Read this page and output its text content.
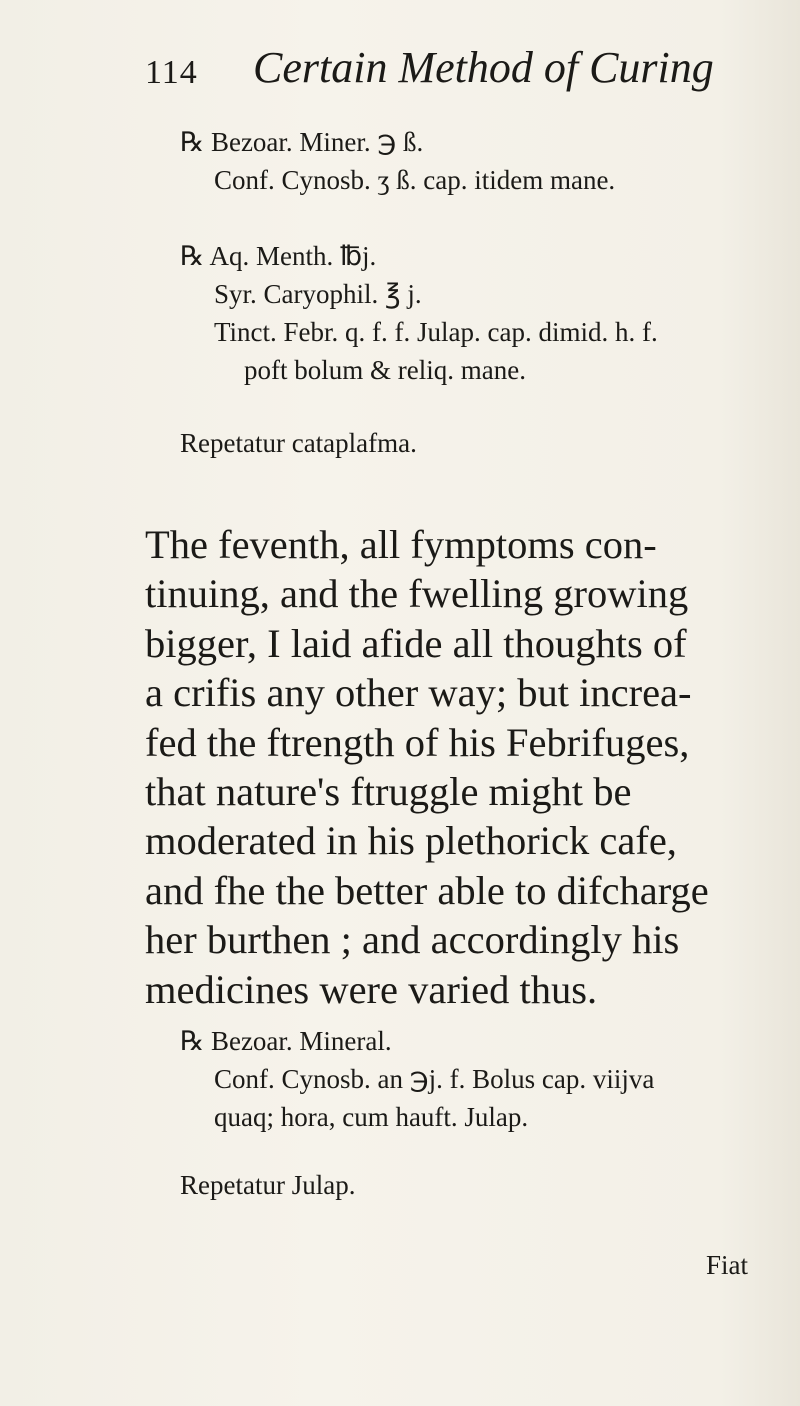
114 Certain Method of Curing
℞ Bezoar. Miner. ℈ ß.
Conf. Cynosb. ʒ ß. cap. itidem mane.
℞ Aq. Menth. ℔j.
Syr. Caryophil. ℥ j.
Tinct. Febr. q. f. f. Julap. cap. dimid. h. f.
poft bolum & reliq. mane.
Repetatur cataplafma.
The feventh, all fymptoms con-
tinuing, and the fwelling growing
bigger, I laid afide all thoughts of
a crifis any other way; but increa-
fed the ftrength of his Febrifuges,
that nature's ftruggle might be
moderated in his plethorick cafe,
and fhe the better able to difcharge
her burthen ; and accordingly his
medicines were varied thus.
℞ Bezoar. Mineral.
Conf. Cynosb. an ℈j. f. Bolus cap. viijva
quaq; hora, cum hauft. Julap.
Repetatur Julap.
Fiat
